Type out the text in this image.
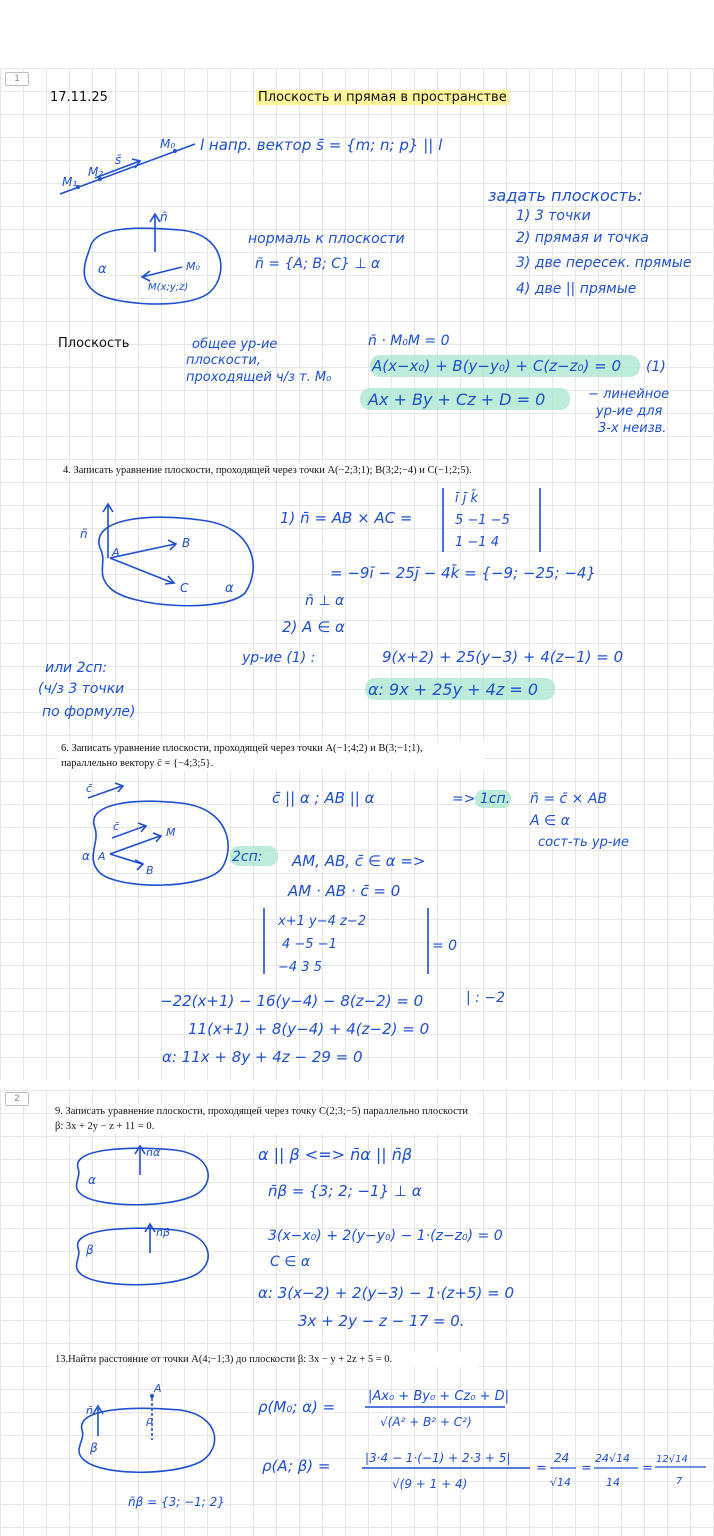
1
17.11.25	Плоскость и прямая в пространстве
Плоскость
4. Записать уравнение плоскости, проходящей через точки A(−2;3;1); B(3;2;−4) и C(−1;2;5).
6. Записать уравнение плоскости, проходящей через точки A(−1;4;2) и B(3;−1;1), параллельно вектору c̄ = {−4;3;5}.
M₀
M₁
M₂
s̄
l напр. вектор s̄ = {m; n; p} || l
задать плоскость:
1) 3 точки
2) прямая и точка
3) две пересек. прямые
4) две || прямые
n̄
α	M₀
M(x;y;z)
нормаль к плоскости
n̄ = {A; B; C} ⊥ α
общее ур-ие
плоскости,
проходящей ч/з т. M₀
n̄ · M₀M = 0
A(x−x₀) + B(y−y₀) + C(z−z₀) = 0 (1)
Ax + By + Cz + D = 0	− линейное
ур-ие для
3-х неизв.
n̄
A
B
C	α
1) n̄ = AB × AC =
ī j̄ k̄
5 −1 −5
1 −1 4
= −9ī − 25j̄ − 4k̄ = {−9; −25; −4}
n̄ ⊥ α
2) A ∈ α
ур-ие (1) :	9(x+2) + 25(y−3) + 4(z−1) = 0
α: 9x + 25y + 4z = 0
или 2сп:
(ч/з 3 точки
по формуле)
c̄
c̄	M
B
A
α
c̄ || α ; AB || α	=> 1сп. n̄ = c̄ × AB
A ∈ α
сост-ть ур-ие
2сп: AM, AB, c̄ ∈ α =>
AM · AB · c̄ = 0
x+1 y−4 z−2
4 −5 −1
−4 3 5
= 0
−22(x+1) − 16(y−4) − 8(z−2) = 0	| : −2
11(x+1) + 8(y−4) + 4(z−2) = 0
α: 11x + 8y + 4z − 29 = 0
2
9. Записать уравнение плоскости, проходящей через точку C(2;3;−5) параллельно плоскости β: 3x + 2y − z + 11 = 0.
13.Найти расстояние от точки A(4;−1;3) до плоскости β: 3x − y + 2z + 5 = 0.
n̄α
α
n̄β
β
α || β <=> n̄α || n̄β
n̄β = {3; 2; −1} ⊥ α
3(x−x₀) + 2(y−y₀) − 1·(z−z₀) = 0
C ∈ α
α: 3(x−2) + 2(y−3) − 1·(z+5) = 0
3x + 2y − z − 17 = 0.
A
n̄
ρ
β
n̄β = {3; −1; 2}
ρ(M₀; α) =
|Ax₀ + By₀ + Cz₀ + D|
√(A² + B² + C²)
ρ(A; β) =	|3·4 − 1·(−1) + 2·3 + 5|
√(9 + 1 + 4)
=
24
√14
=
24√14
14
=
12√14
7
